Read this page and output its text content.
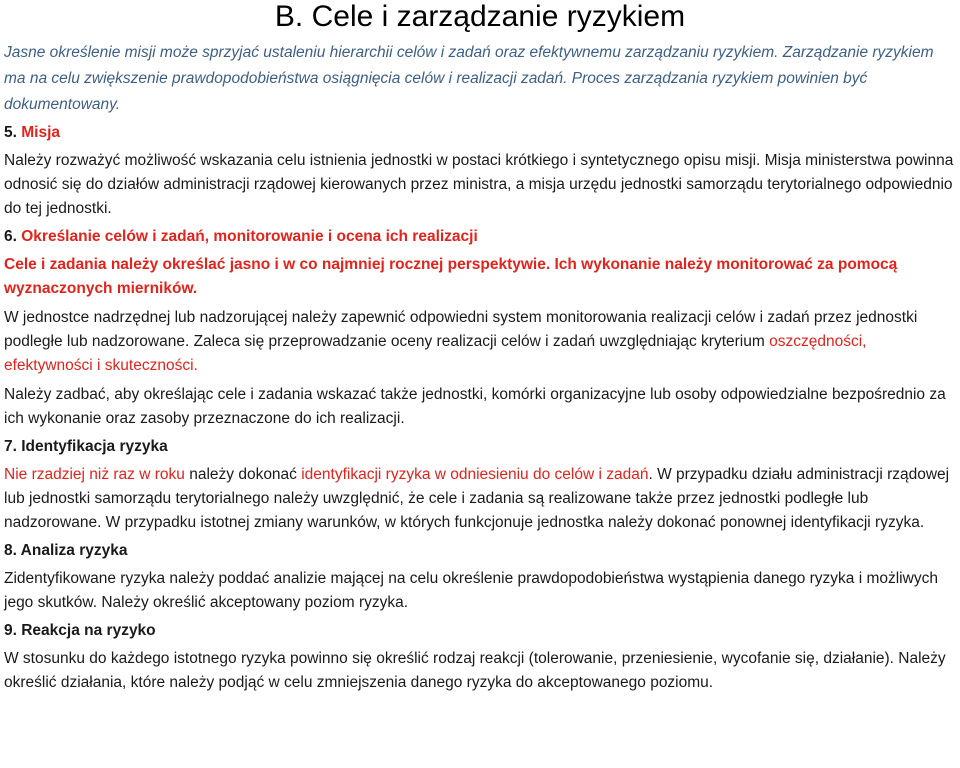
B. Cele i zarządzanie ryzykiem

Jasne określenie misji może sprzyjać ustaleniu hierarchii celów i zadań oraz efektywnemu zarządzaniu ryzykiem. Zarządzanie ryzykiem ma na celu zwiększenie prawdopodobieństwa osiągnięcia celów i realizacji zadań. Proces zarządzania ryzykiem powinien być dokumentowany.

5. Misja

Należy rozważyć możliwość wskazania celu istnienia jednostki w postaci krótkiego i syntetycznego opisu misji. Misja ministerstwa powinna odnosić się do działów administracji rządowej kierowanych przez ministra, a misja urzędu jednostki samorządu terytorialnego odpowiednio do tej jednostki.

6. Określanie celów i zadań, monitorowanie i ocena ich realizacji

Cele i zadania należy określać jasno i w co najmniej rocznej perspektywie. Ich wykonanie należy monitorować za pomocą wyznaczonych mierników.

W jednostce nadrzędnej lub nadzorującej należy zapewnić odpowiedni system monitorowania realizacji celów i zadań przez jednostki podległe lub nadzorowane. Zaleca się przeprowadzanie oceny realizacji celów i zadań uwzględniając kryterium oszczędności, efektywności i skuteczności.

Należy zadbać, aby określając cele i zadania wskazać także jednostki, komórki organizacyjne lub osoby odpowiedzialne bezpośrednio za ich wykonanie oraz zasoby przeznaczone do ich realizacji.

7. Identyfikacja ryzyka

Nie rzadziej niż raz w roku należy dokonać identyfikacji ryzyka w odniesieniu do celów i zadań. W przypadku działu administracji rządowej lub jednostki samorządu terytorialnego należy uwzględnić, że cele i zadania są realizowane także przez jednostki podległe lub nadzorowane. W przypadku istotnej zmiany warunków, w których funkcjonuje jednostka należy dokonać ponownej identyfikacji ryzyka.

8. Analiza ryzyka

Zidentyfikowane ryzyka należy poddać analizie mającej na celu określenie prawdopodobieństwa wystąpienia danego ryzyka i możliwych jego skutków. Należy określić akceptowany poziom ryzyka.

9. Reakcja na ryzyko

W stosunku do każdego istotnego ryzyka powinno się określić rodzaj reakcji (tolerowanie, przeniesienie, wycofanie się, działanie). Należy określić działania, które należy podjąć w celu zmniejszenia danego ryzyka do akceptowanego poziomu.
